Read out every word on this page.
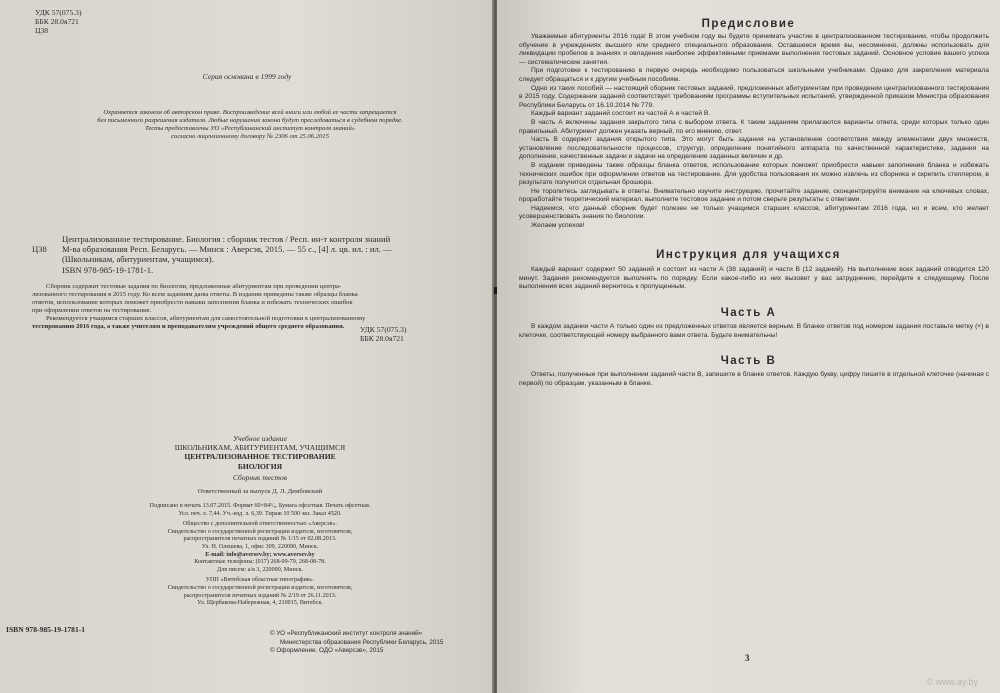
УДК 57(075.3)
ББК 28.0я721
Ц38
Серия основана в 1999 году
Охраняется законом об авторском праве. Воспроизведение всей книги или любой ее части запрещается
без письменного разрешения издателя. Любые нарушения закона будут преследоваться в судебном порядке.
Тесты предоставлены УО «Республиканский институт контроля знаний»
согласно лицензионному договору № 2306 от 25.06.2015
Централизованное тестирование. Биология : сборник тестов / Респ. ин-т контроля знаний
Ц38 М-ва образования Респ. Беларусь. — Минск : Аверсэв, 2015. — 55 с., [4] л. цв. ил. : ил. —
(Школьникам, абитуриентам, учащимся).
ISBN 978-985-19-1781-1.
Сборник содержит тестовые задания по биологии, предложенные абитуриентам при проведении центра-
лизованного тестирования в 2015 году. Ко всем заданиям даны ответы. В издании приведены также образцы бланка
ответов, использование которых поможет приобрести навыки заполнения бланка и избежать технических ошибок
при оформлении ответов на тестирование.
Рекомендуется учащимся старших классов, абитуриентам для самостоятельной подготовки к централизованному
тестированию 2016 года, а также учителям и преподавателям учреждений общего среднего образования.	УДК 57(075.3)
ББК 28.0я721
Учебное издание
ШКОЛЬНИКАМ, АБИТУРИЕНТАМ, УЧАЩИМСЯ
ЦЕНТРАЛИЗОВАННОЕ ТЕСТИРОВАНИЕ
БИОЛОГИЯ
Сборник тестов
Ответственный за выпуск Д. Л. Дембовский
Подписано в печать 13.07.2015. Формат 60×84¹/₈. Бумага офсетная. Печать офсетная.
Усл. печ. л. 7,44. Уч.-изд. л. 6,39. Тираж 10 500 экз. Заказ 4520.
Общество с дополнительной ответственностью «Аверсэв».
Свидетельство о государственной регистрации издателя, изготовителя,
распространителя печатных изданий № 1/15 от 02.08.2013.
Ул. Н. Олешева, 1, офис 309, 220090, Минск.
E-mail: info@aversev.by; www.aversev.by
Контактные телефоны: (017) 268-09-79, 268-08-78.
Для писем: а/я 3, 220090, Минск.
УПП «Витебская областная типография».
Свидетельство о государственной регистрации издателя, изготовителя,
распространителя печатных изданий № 2/19 от 26.11.2013.
Ул. Щербакова-Набережная, 4, 210015, Витебск.
ISBN 978-985-19-1781-1	© УО «Республиканский институт контроля знаний»
Министерства образования Республики Беларусь, 2015
© Оформление. ОДО «Аверсэв», 2015
Предисловие

Уважаемые абитуриенты 2016 года! В этом учебном году вы будете принимать участие в централизованном тестировании, чтобы продолжить обучение в учреждениях высшего или среднего специального образования. Оставшееся время вы, несомненно, должны использовать для ликвидации пробелов в знаниях и овладения наиболее эффективными приемами выполнения тестовых заданий. Основное условие вашего успеха — систематические занятия.

При подготовке к тестированию в первую очередь необходимо пользоваться школьными учебниками. Однако для закрепления материала следует обращаться и к другим учебным пособиям.

Одно из таких пособий — настоящий сборник тестовых заданий, предложенных абитуриентам при проведении централизованного тестирования в 2015 году. Содержание заданий соответствует требованиям программы вступительных испытаний, утвержденной приказом Министра образования Республики Беларусь от 16.10.2014 № 779.

Каждый вариант заданий состоит из частей А и частей В.

В часть А включены задания закрытого типа с выбором ответа. К таким заданиям прилагаются варианты ответа, среди которых только один правильный. Абитуриент должен указать верный, по его мнению, ответ.

Часть В содержит задания открытого типа. Это могут быть задания на установление соответствия между элементами двух множеств, установление последовательности процессов, структур, определение понятийного аппарата по качественной характеристике, задания на дополнение, качественные задачи и задачи на определение заданных величин и др.

В издании приведены также образцы бланка ответов, использование которых поможет приобрести навыки заполнения бланка и избежать технических ошибок при оформлении ответов на тестирование. Для удобства пользования их можно извлечь из сборника и скрепить степлером, в результате получится отдельная брошюра.

Не торопитесь заглядывать в ответы. Внимательно изучите инструкцию, прочитайте задание, сконцентрируйте внимание на ключевых словах, проработайте теоретический материал, выполните тестовое задание и потом сверьте результаты с ответами.

Надеемся, что данный сборник будет полезен не только учащимся старших классов, абитуриентам 2016 года, но и всем, кто желает усовершенствовать знания по биологии.

Желаем успехов!

Инструкция для учащихся

Каждый вариант содержит 50 заданий и состоит из части А (38 заданий) и части В (12 заданий). На выполнение всех заданий отводится 120 минут. Задания рекомендуется выполнять по порядку. Если какое-либо из них вызовет у вас затруднение, перейдите к следующему. После выполнения всех заданий вернитесь к пропущенным.

Часть А

В каждом задании части А только один из предложенных ответов является верным. В бланке ответов под номером задания поставьте метку (×) в клеточке, соответствующей номеру выбранного вами ответа. Будьте внимательны!

Часть В

Ответы, полученные при выполнении заданий части В, запишите в бланке ответов. Каждую букву, цифру пишите в отдельной клеточке (начиная с первой) по образцам, указанным в бланке.

3
© www.ay.by
